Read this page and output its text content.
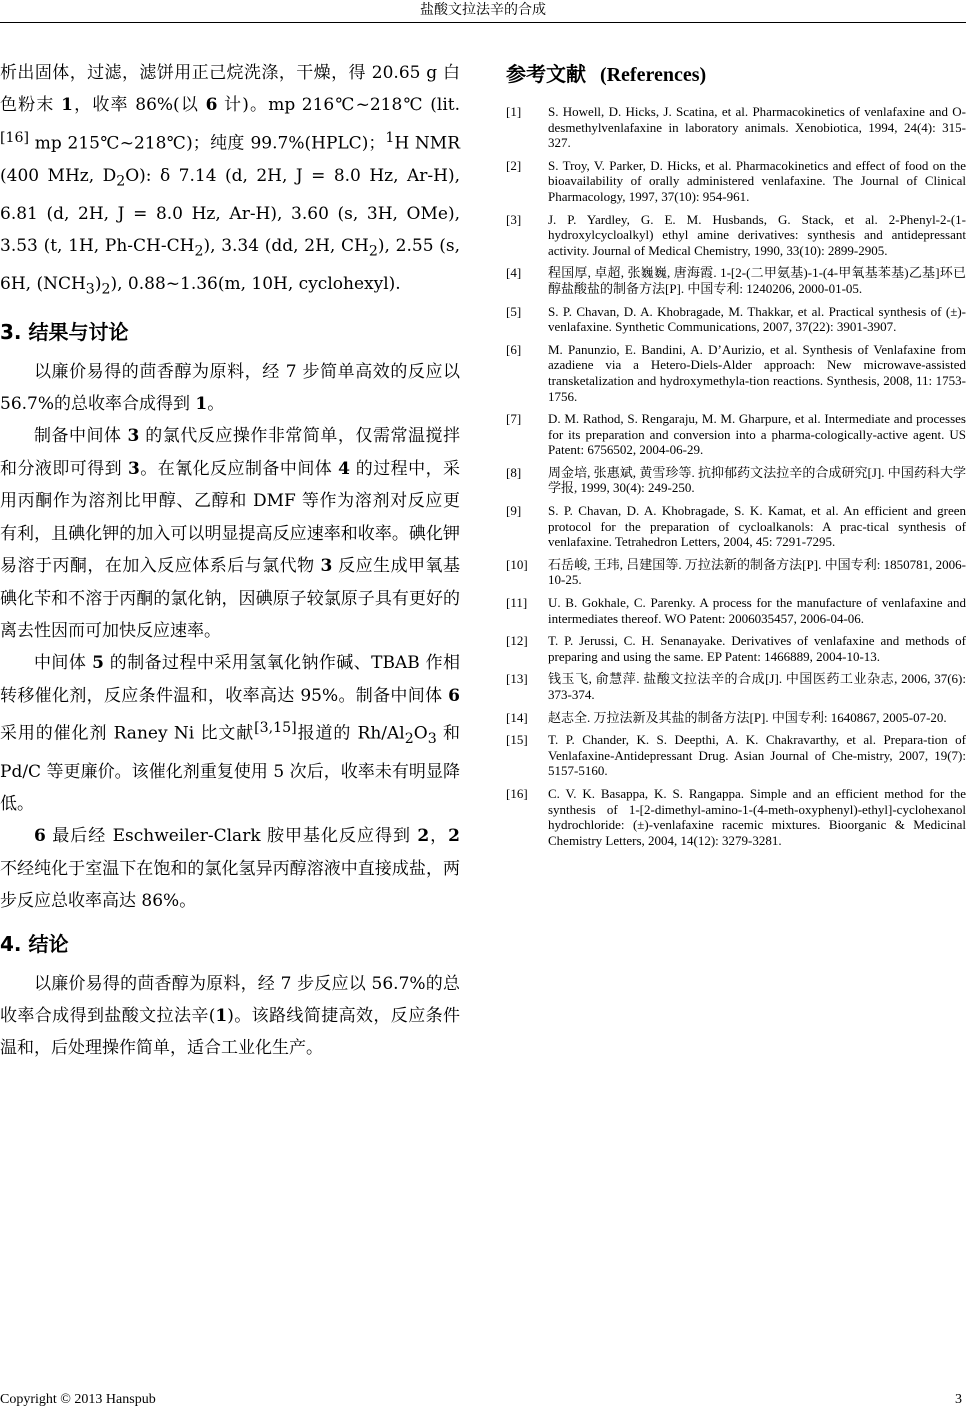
盐酸文拉法辛的合成

析出固体，过滤，滤饼用正己烷洗涤，干燥，得 20.65 g 白色粉末 1，收率 86%(以 6 计)。mp 216℃~218℃ (lit.[16] mp 215℃~218℃)；纯度 99.7%(HPLC)；$^1$H NMR (400 MHz, $D_2O$): δ 7.14 (d, 2H, J = 8.0 Hz, Ar-H), 6.81 (d, 2H, J = 8.0 Hz, Ar-H), 3.60 (s, 3H, OMe), 3.53 (t, 1H, $Ph-CH-CH_2$), 3.34 (dd, 2H, $CH_2$), 2.55 (s, 6H, $(NCH_3)_2$), 0.88~1.36(m, 10H, cyclohexyl).

3. 结果与讨论

以廉价易得的茴香醇为原料，经 7 步简单高效的反应以 56.7%的总收率合成得到 1。

制备中间体 3 的氯代反应操作非常简单，仅需常温搅拌和分液即可得到 3。在氰化反应制备中间体 4 的过程中，采用丙酮作为溶剂比甲醇、乙醇和 DMF 等作为溶剂对反应更有利，且碘化钾的加入可以明显提高反应速率和收率。碘化钾易溶于丙酮，在加入反应体系后与氯代物 3 反应生成甲氧基碘化苄和不溶于丙酮的氯化钠，因碘原子较氯原子具有更好的离去性因而可加快反应速率。

中间体 5 的制备过程中采用氢氧化钠作碱、TBAB 作相转移催化剂，反应条件温和，收率高达 95%。制备中间体 6 采用的催化剂 Raney Ni 比文献[3,15]报道的 $Rh/Al_2O_3$ 和 Pd/C 等更廉价。该催化剂重复使用 5 次后，收率未有明显降低。

6 最后经 Eschweiler-Clark 胺甲基化反应得到 2，2 不经纯化于室温下在饱和的氯化氢异丙醇溶液中直接成盐，两步反应总收率高达 86%。

4. 结论

以廉价易得的茴香醇为原料，经 7 步反应以 56.7%的总收率合成得到盐酸文拉法辛(1)。该路线简捷高效，反应条件温和，后处理操作简单，适合工业化生产。

参考文献 (References)
[1]	S. Howell, D. Hicks, J. Scatina, et al. Pharmacokinetics of venlafaxine and O-desmethylvenlafaxine in laboratory animals. Xenobiotica, 1994, 24(4): 315-327.
[2]	S. Troy, V. Parker, D. Hicks, et al. Pharmacokinetics and effect of food on the bioavailability of orally administered venlafaxine. The Journal of Clinical Pharmacology, 1997, 37(10): 954-961.
[3]	J. P. Yardley, G. E. M. Husbands, G. Stack, et al. 2-Phenyl-2-(1-hydroxylcycloalkyl) ethyl amine derivatives: synthesis and antidepressant activity. Journal of Medical Chemistry, 1990, 33(10): 2899-2905.
[4]	程国厚, 卓超, 张巍巍, 唐海霞. 1-[2-(二甲氨基)-1-(4-甲氧基苯基)乙基]环已醇盐酸盐的制备方法[P]. 中国专利: 1240206, 2000-01-05.
[5]	S. P. Chavan, D. A. Khobragade, M. Thakkar, et al. Practical synthesis of (±)-venlafaxine. Synthetic Communications, 2007, 37(22): 3901-3907.
[6]	M. Panunzio, E. Bandini, A. D’Aurizio, et al. Synthesis of Venlafaxine from azadiene via a Hetero-Diels-Alder approach: New microwave-assisted transketalization and hydroxymethyla-tion reactions. Synthesis, 2008, 11: 1753-1756.
[7]	D. M. Rathod, S. Rengaraju, M. M. Gharpure, et al. Intermediate and processes for its preparation and conversion into a pharma-cologically-active agent. US Patent: 6756502, 2004-06-29.
[8]	周金培, 张惠斌, 黄雪珍等. 抗抑郁药文法拉辛的合成研究[J]. 中国药科大学学报, 1999, 30(4): 249-250.
[9]	S. P. Chavan, D. A. Khobragade, S. K. Kamat, et al. An efficient and green protocol for the preparation of cycloalkanols: A prac-tical synthesis of venlafaxine. Tetrahedron Letters, 2004, 45: 7291-7295.
[10]	石岳峻, 王玮, 吕建国等. 万拉法新的制备方法[P]. 中国专利: 1850781, 2006-10-25.
[11]	U. B. Gokhale, C. Parenky. A process for the manufacture of venlafaxine and intermediates thereof. WO Patent: 2006035457, 2006-04-06.
[12]	T. P. Jerussi, C. H. Senanayake. Derivatives of venlafaxine and methods of preparing and using the same. EP Patent: 1466889, 2004-10-13.
[13]	钱玉飞, 俞慧萍. 盐酸文拉法辛的合成[J]. 中国医药工业杂志, 2006, 37(6): 373-374.
[14]	赵志全. 万拉法新及其盐的制备方法[P]. 中国专利: 1640867, 2005-07-20.
[15]	T. P. Chander, K. S. Deepthi, A. K. Chakravarthy, et al. Prepara-tion of Venlafaxine-Antidepressant Drug. Asian Journal of Che-mistry, 2007, 19(7): 5157-5160.
[16]	C. V. K. Basappa, K. S. Rangappa. Simple and an efficient method for the synthesis of 1-[2-dimethyl-amino-1-(4-meth-oxyphenyl)-ethyl]-cyclohexanol hydrochloride: (±)-venlafaxine racemic mixtures. Bioorganic & Medicinal Chemistry Letters, 2004, 14(12): 3279-3281.
Copyright © 2013 Hanspub	3
